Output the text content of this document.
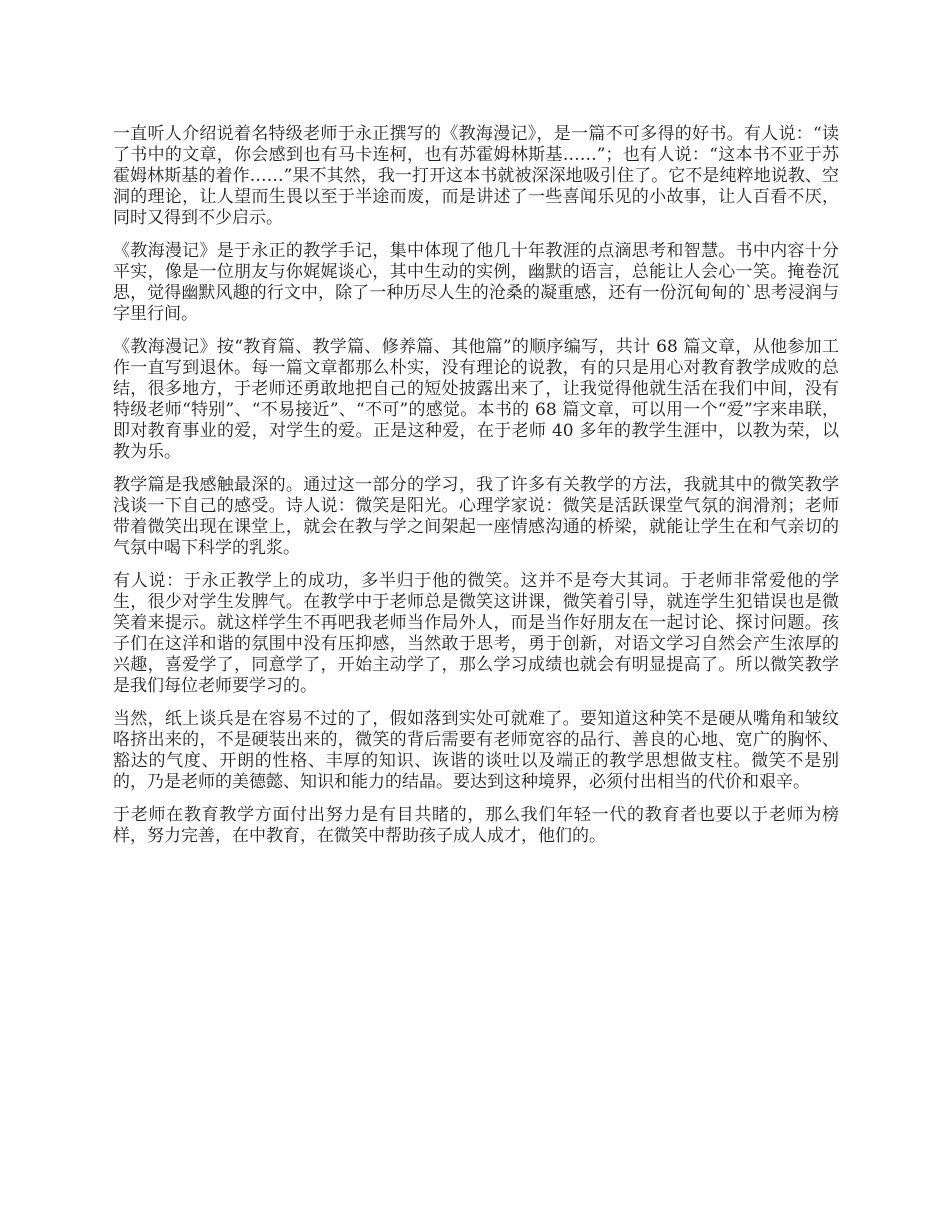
一直听人介绍说着名特级老师于永正撰写的《教海漫记》，是一篇不可多得的好书。有人说：“读了书中的文章，你会感到也有马卡连柯，也有苏霍姆林斯基……”；也有人说：“这本书不亚于苏霍姆林斯基的着作……”果不其然，我一打开这本书就被深深地吸引住了。它不是纯粹地说教、空洞的理论，让人望而生畏以至于半途而废，而是讲述了一些喜闻乐见的小故事，让人百看不厌，同时又得到不少启示。

《教海漫记》是于永正的教学手记，集中体现了他几十年教涯的点滴思考和智慧。书中内容十分平实，像是一位朋友与你娓娓谈心，其中生动的实例，幽默的语言，总能让人会心一笑。掩卷沉思，觉得幽默风趣的行文中，除了一种历尽人生的沧桑的凝重感，还有一份沉甸甸的`思考浸润与字里行间。

《教海漫记》按“教育篇、教学篇、修养篇、其他篇”的顺序编写，共计 68 篇文章，从他参加工作一直写到退休。每一篇文章都那么朴实，没有理论的说教，有的只是用心对教育教学成败的总结，很多地方，于老师还勇敢地把自己的短处披露出来了，让我觉得他就生活在我们中间，没有特级老师“特别”、“不易接近”、“不可”的感觉。本书的 68 篇文章，可以用一个“爱”字来串联，即对教育事业的爱，对学生的爱。正是这种爱，在于老师 40 多年的教学生涯中，以教为荣，以教为乐。

教学篇是我感触最深的。通过这一部分的学习，我了许多有关教学的方法，我就其中的微笑教学浅谈一下自己的感受。诗人说：微笑是阳光。心理学家说：微笑是活跃课堂气氛的润滑剂；老师带着微笑出现在课堂上，就会在教与学之间架起一座情感沟通的桥梁，就能让学生在和气亲切的气氛中喝下科学的乳浆。

有人说：于永正教学上的成功，多半归于他的微笑。这并不是夸大其词。于老师非常爱他的学生，很少对学生发脾气。在教学中于老师总是微笑这讲课，微笑着引导，就连学生犯错误也是微笑着来提示。就这样学生不再吧我老师当作局外人，而是当作好朋友在一起讨论、探讨问题。孩子们在这洋和谐的氛围中没有压抑感，当然敢于思考，勇于创新，对语文学习自然会产生浓厚的兴趣，喜爱学了，同意学了，开始主动学了，那么学习成绩也就会有明显提高了。所以微笑教学是我们每位老师要学习的。

当然，纸上谈兵是在容易不过的了，假如落到实处可就难了。要知道这种笑不是硬从嘴角和皱纹咯挤出来的，不是硬装出来的，微笑的背后需要有老师宽容的品行、善良的心地、宽广的胸怀、豁达的气度、开朗的性格、丰厚的知识、诙谐的谈吐以及端正的教学思想做支柱。微笑不是别的，乃是老师的美德懿、知识和能力的结晶。要达到这种境界，必须付出相当的代价和艰辛。

于老师在教育教学方面付出努力是有目共睹的，那么我们年轻一代的教育者也要以于老师为榜样，努力完善，在中教育，在微笑中帮助孩子成人成才，他们的。
